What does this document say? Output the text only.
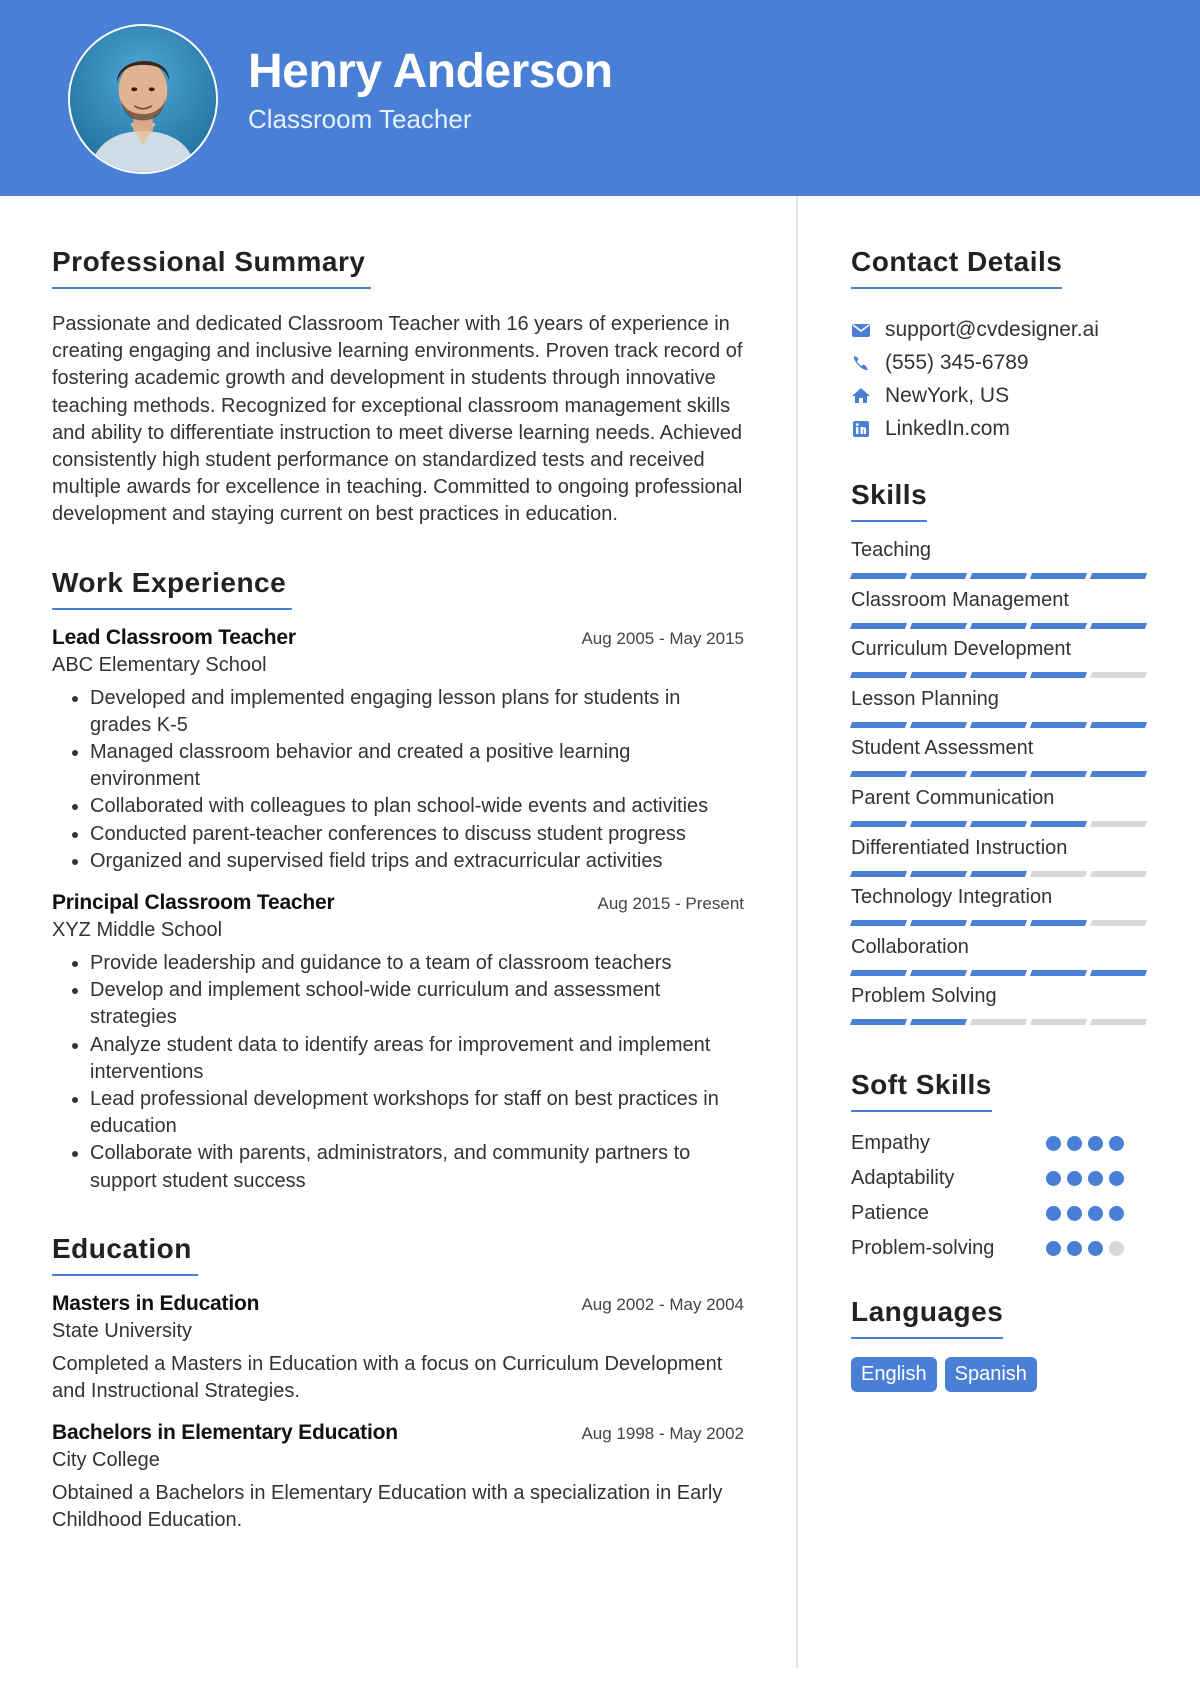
Henry Anderson
Classroom Teacher
Professional Summary

Passionate and dedicated Classroom Teacher with 16 years of experience in creating engaging and inclusive learning environments. Proven track record of fostering academic growth and development in students through innovative teaching methods. Recognized for exceptional classroom management skills and ability to differentiate instruction to meet diverse learning needs. Achieved consistently high student performance on standardized tests and received multiple awards for excellence in teaching. Committed to ongoing professional development and staying current on best practices in education.

Work Experience
Lead Classroom Teacher	Aug 2005 - May 2015
ABC Elementary School
• Developed and implemented engaging lesson plans for students in grades K-5
• Managed classroom behavior and created a positive learning environment
• Collaborated with colleagues to plan school-wide events and activities
• Conducted parent-teacher conferences to discuss student progress
• Organized and supervised field trips and extracurricular activities
Principal Classroom Teacher	Aug 2015 - Present
XYZ Middle School
• Provide leadership and guidance to a team of classroom teachers
• Develop and implement school-wide curriculum and assessment strategies
• Analyze student data to identify areas for improvement and implement interventions
• Lead professional development workshops for staff on best practices in education
• Collaborate with parents, administrators, and community partners to support student success
Education
Masters in Education	Aug 2002 - May 2004
State University

Completed a Masters in Education with a focus on Curriculum Development and Instructional Strategies.

Bachelors in Elementary Education	Aug 1998 - May 2002
City College

Obtained a Bachelors in Elementary Education with a specialization in Early Childhood Education.

Contact Details
support@cvdesigner.ai
(555) 345-6789
NewYork, US
LinkedIn.com
Skills
Teaching
Classroom Management
Curriculum Development
Lesson Planning
Student Assessment
Parent Communication
Differentiated Instruction
Technology Integration
Collaboration
Problem Solving
Soft Skills
Empathy
Adaptability
Patience
Problem-solving
Languages
English	Spanish
